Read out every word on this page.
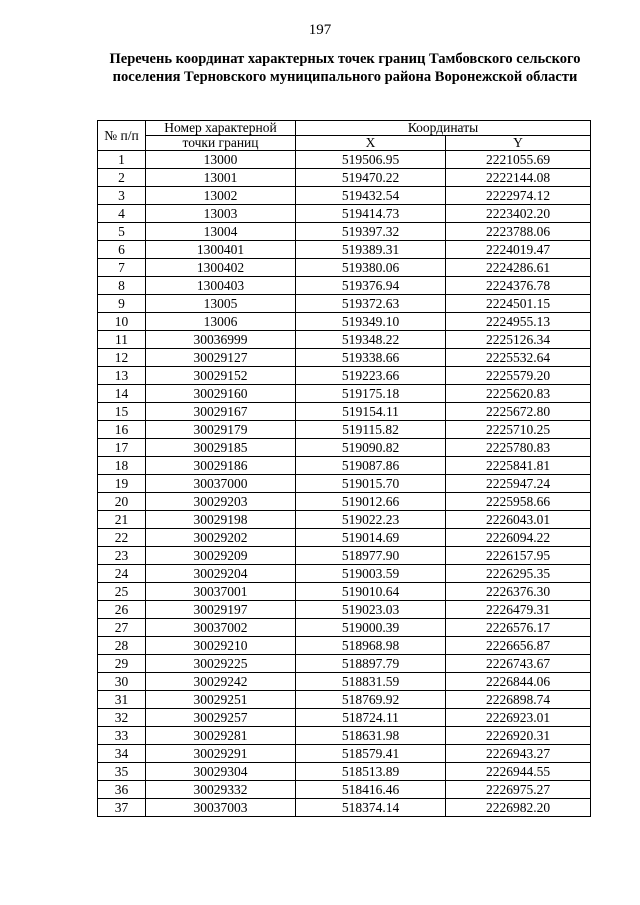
197
Перечень координат характерных точек границ Тамбовского сельского поселения Терновского муниципального района Воронежской области
№ п/п	Номер характерной	Координаты	
	точки границ	X	Y
1	13000	519506.95	2221055.69
2	13001	519470.22	2222144.08
3	13002	519432.54	2222974.12
4	13003	519414.73	2223402.20
5	13004	519397.32	2223788.06
6	1300401	519389.31	2224019.47
7	1300402	519380.06	2224286.61
8	1300403	519376.94	2224376.78
9	13005	519372.63	2224501.15
10	13006	519349.10	2224955.13
11	30036999	519348.22	2225126.34
12	30029127	519338.66	2225532.64
13	30029152	519223.66	2225579.20
14	30029160	519175.18	2225620.83
15	30029167	519154.11	2225672.80
16	30029179	519115.82	2225710.25
17	30029185	519090.82	2225780.83
18	30029186	519087.86	2225841.81
19	30037000	519015.70	2225947.24
20	30029203	519012.66	2225958.66
21	30029198	519022.23	2226043.01
22	30029202	519014.69	2226094.22
23	30029209	518977.90	2226157.95
24	30029204	519003.59	2226295.35
25	30037001	519010.64	2226376.30
26	30029197	519023.03	2226479.31
27	30037002	519000.39	2226576.17
28	30029210	518968.98	2226656.87
29	30029225	518897.79	2226743.67
30	30029242	518831.59	2226844.06
31	30029251	518769.92	2226898.74
32	30029257	518724.11	2226923.01
33	30029281	518631.98	2226920.31
34	30029291	518579.41	2226943.27
35	30029304	518513.89	2226944.55
36	30029332	518416.46	2226975.27
37	30037003	518374.14	2226982.20
